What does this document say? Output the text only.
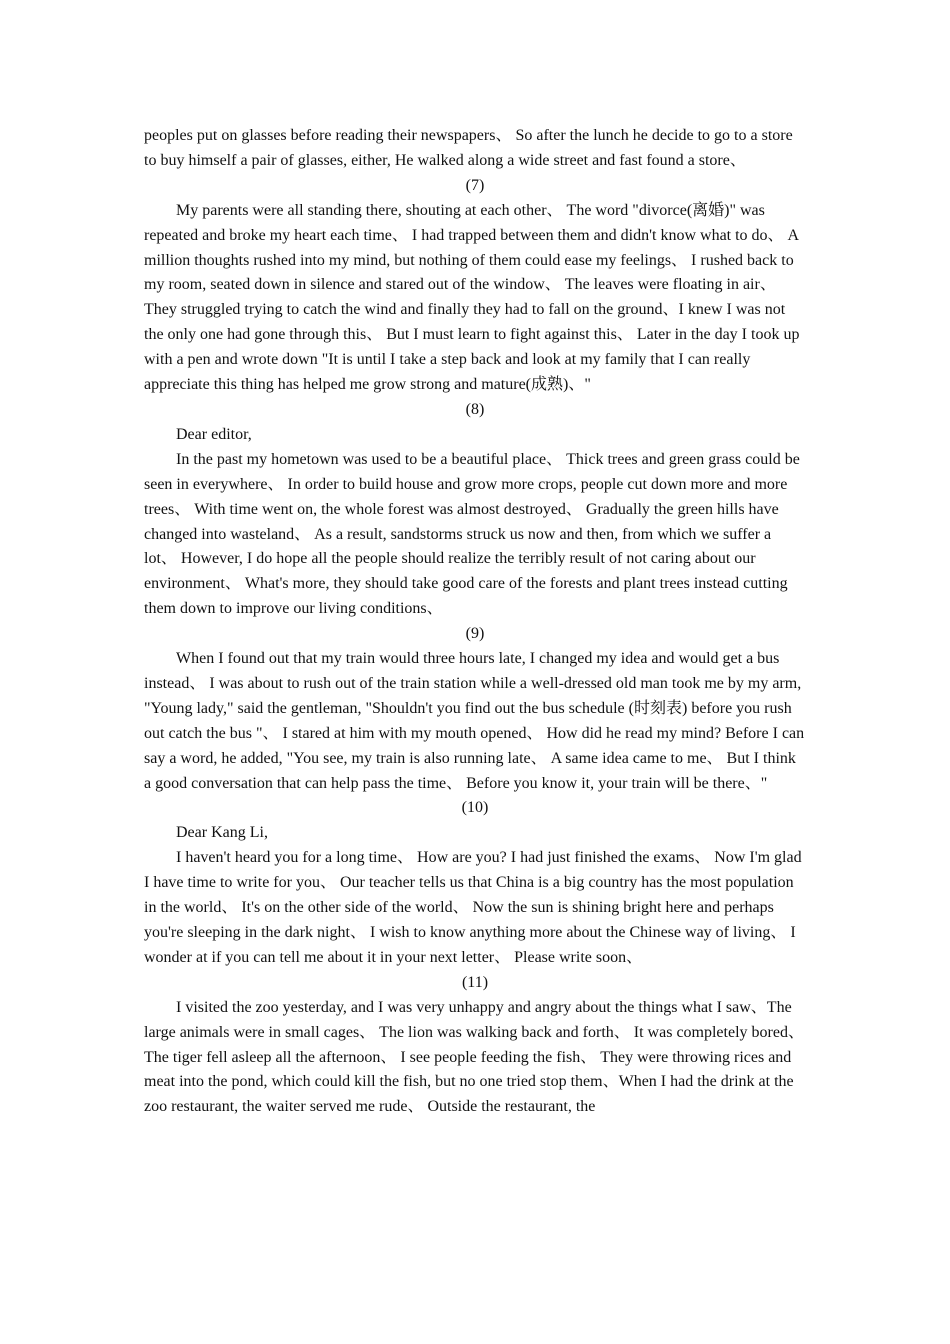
peoples put on glasses before reading their newspapers、 So after the lunch he decide to go to a store to buy himself a pair of glasses, either, He walked along a wide street and fast found a store、

(7)

My parents were all standing there, shouting at each other、 The word "divorce(离婚)" was repeated and broke my heart each time、 I had trapped between them and didn't know what to do、 A million thoughts rushed into my mind, but nothing of them could ease my feelings、 I rushed back to my room, seated down in silence and stared out of the window、 The leaves were floating in air、 They struggled trying to catch the wind and finally they had to fall on the ground、I knew I was not the only one had gone through this、 But I must learn to fight against this、 Later in the day I took up with a pen and wrote down "It is until I take a step back and look at my family that I can really appreciate this thing has helped me grow strong and mature(成熟)、"

(8)

Dear editor,

In the past my hometown was used to be a beautiful place、 Thick trees and green grass could be seen in everywhere、 In order to build house and grow more crops, people cut down more and more trees、 With time went on, the whole forest was almost destroyed、 Gradually the green hills have changed into wasteland、 As a result, sandstorms struck us now and then, from which we suffer a lot、 However, I do hope all the people should realize the terribly result of not caring about our environment、 What's more, they should take good care of the forests and plant trees instead cutting them down to improve our living conditions、

(9)

When I found out that my train would three hours late, I changed my idea and would get a bus instead、 I was about to rush out of the train station while a well-dressed old man took me by my arm, "Young lady," said the gentleman, "Shouldn't you find out the bus schedule (时刻表) before you rush out catch the bus "、 I stared at him with my mouth opened、 How did he read my mind? Before I can say a word, he added, "You see, my train is also running late、 A same idea came to me、 But I think a good conversation that can help pass the time、 Before you know it, your train will be there、"

(10)

Dear Kang Li,

I haven't heard you for a long time、 How are you? I had just finished the exams、 Now I'm glad I have time to write for you、 Our teacher tells us that China is a big country has the most population in the world、 It's on the other side of the world、 Now the sun is shining bright here and perhaps you're sleeping in the dark night、 I wish to know anything more about the Chinese way of living、 I wonder at if you can tell me about it in your next letter、 Please write soon、

(11)

I visited the zoo yesterday, and I was very unhappy and angry about the things what I saw、The large animals were in small cages、 The lion was walking back and forth、 It was completely bored、 The tiger fell asleep all the afternoon、 I see people feeding the fish、 They were throwing rices and meat into the pond, which could kill the fish, but no one tried stop them、When I had the drink at the zoo restaurant, the waiter served me rude、 Outside the restaurant, the
